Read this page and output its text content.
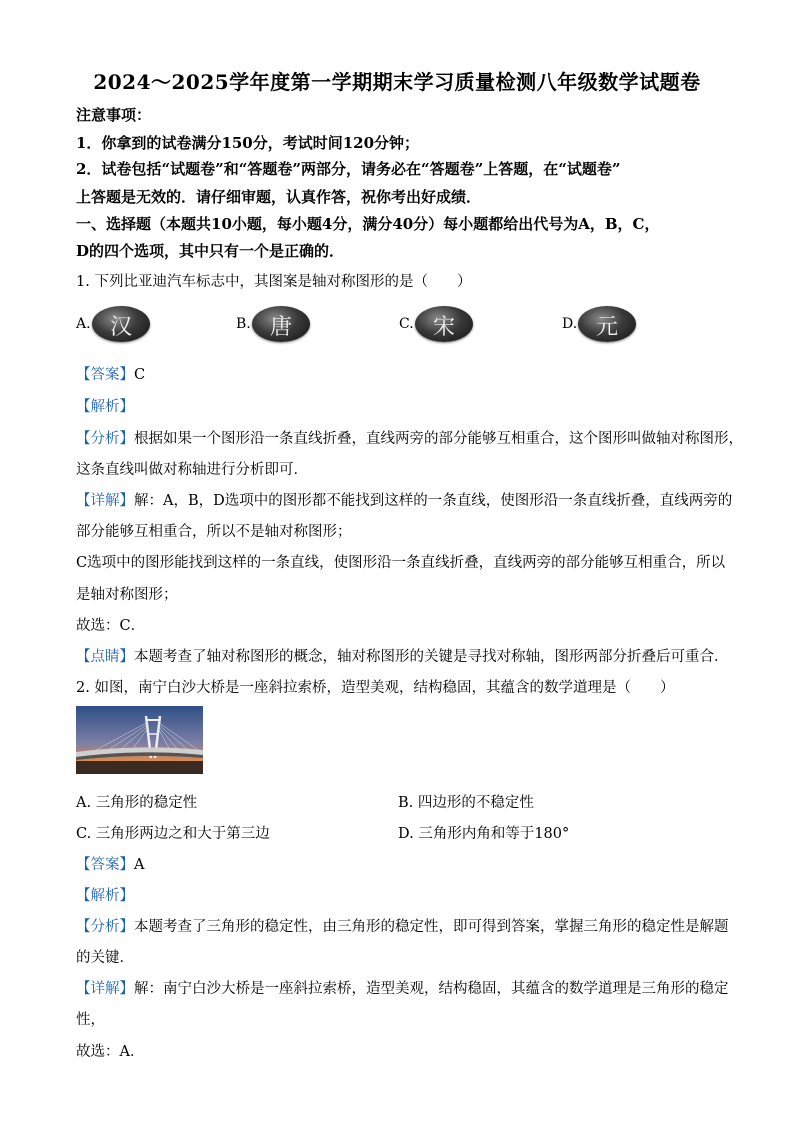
2024～2025学年度第一学期期末学习质量检测八年级数学试题卷
注意事项：
1．你拿到的试卷满分150分，考试时间120分钟；
2．试卷包括“试题卷”和“答题卷”两部分，请务必在“答题卷”上答题，在“试题卷”
上答题是无效的．请仔细审题，认真作答，祝你考出好成绩．
一、选择题（本题共10小题，每小题4分，满分40分）每小题都给出代号为A，B，C，
D的四个选项，其中只有一个是正确的．
1. 下列比亚迪汽车标志中，其图案是轴对称图形的是（　　）
A. 汉	B. 唐	C. 宋	D. 元
【答案】C
【解析】
【分析】根据如果一个图形沿一条直线折叠，直线两旁的部分能够互相重合，这个图形叫做轴对称图形，
这条直线叫做对称轴进行分析即可．
【详解】解：A，B，D选项中的图形都不能找到这样的一条直线，使图形沿一条直线折叠，直线两旁的
部分能够互相重合，所以不是轴对称图形；
C选项中的图形能找到这样的一条直线，使图形沿一条直线折叠，直线两旁的部分能够互相重合，所以
是轴对称图形；
故选：C．
【点睛】本题考查了轴对称图形的概念，轴对称图形的关键是寻找对称轴，图形两部分折叠后可重合．
2. 如图，南宁白沙大桥是一座斜拉索桥，造型美观，结构稳固，其蕴含的数学道理是（　　）
A. 三角形的稳定性	B. 四边形的不稳定性
C. 三角形两边之和大于第三边	D. 三角形内角和等于180°
【答案】A
【解析】
【分析】本题考查了三角形的稳定性，由三角形的稳定性，即可得到答案，掌握三角形的稳定性是解题
的关键．
【详解】解：南宁白沙大桥是一座斜拉索桥，造型美观，结构稳固，其蕴含的数学道理是三角形的稳定
性，
故选：A．
